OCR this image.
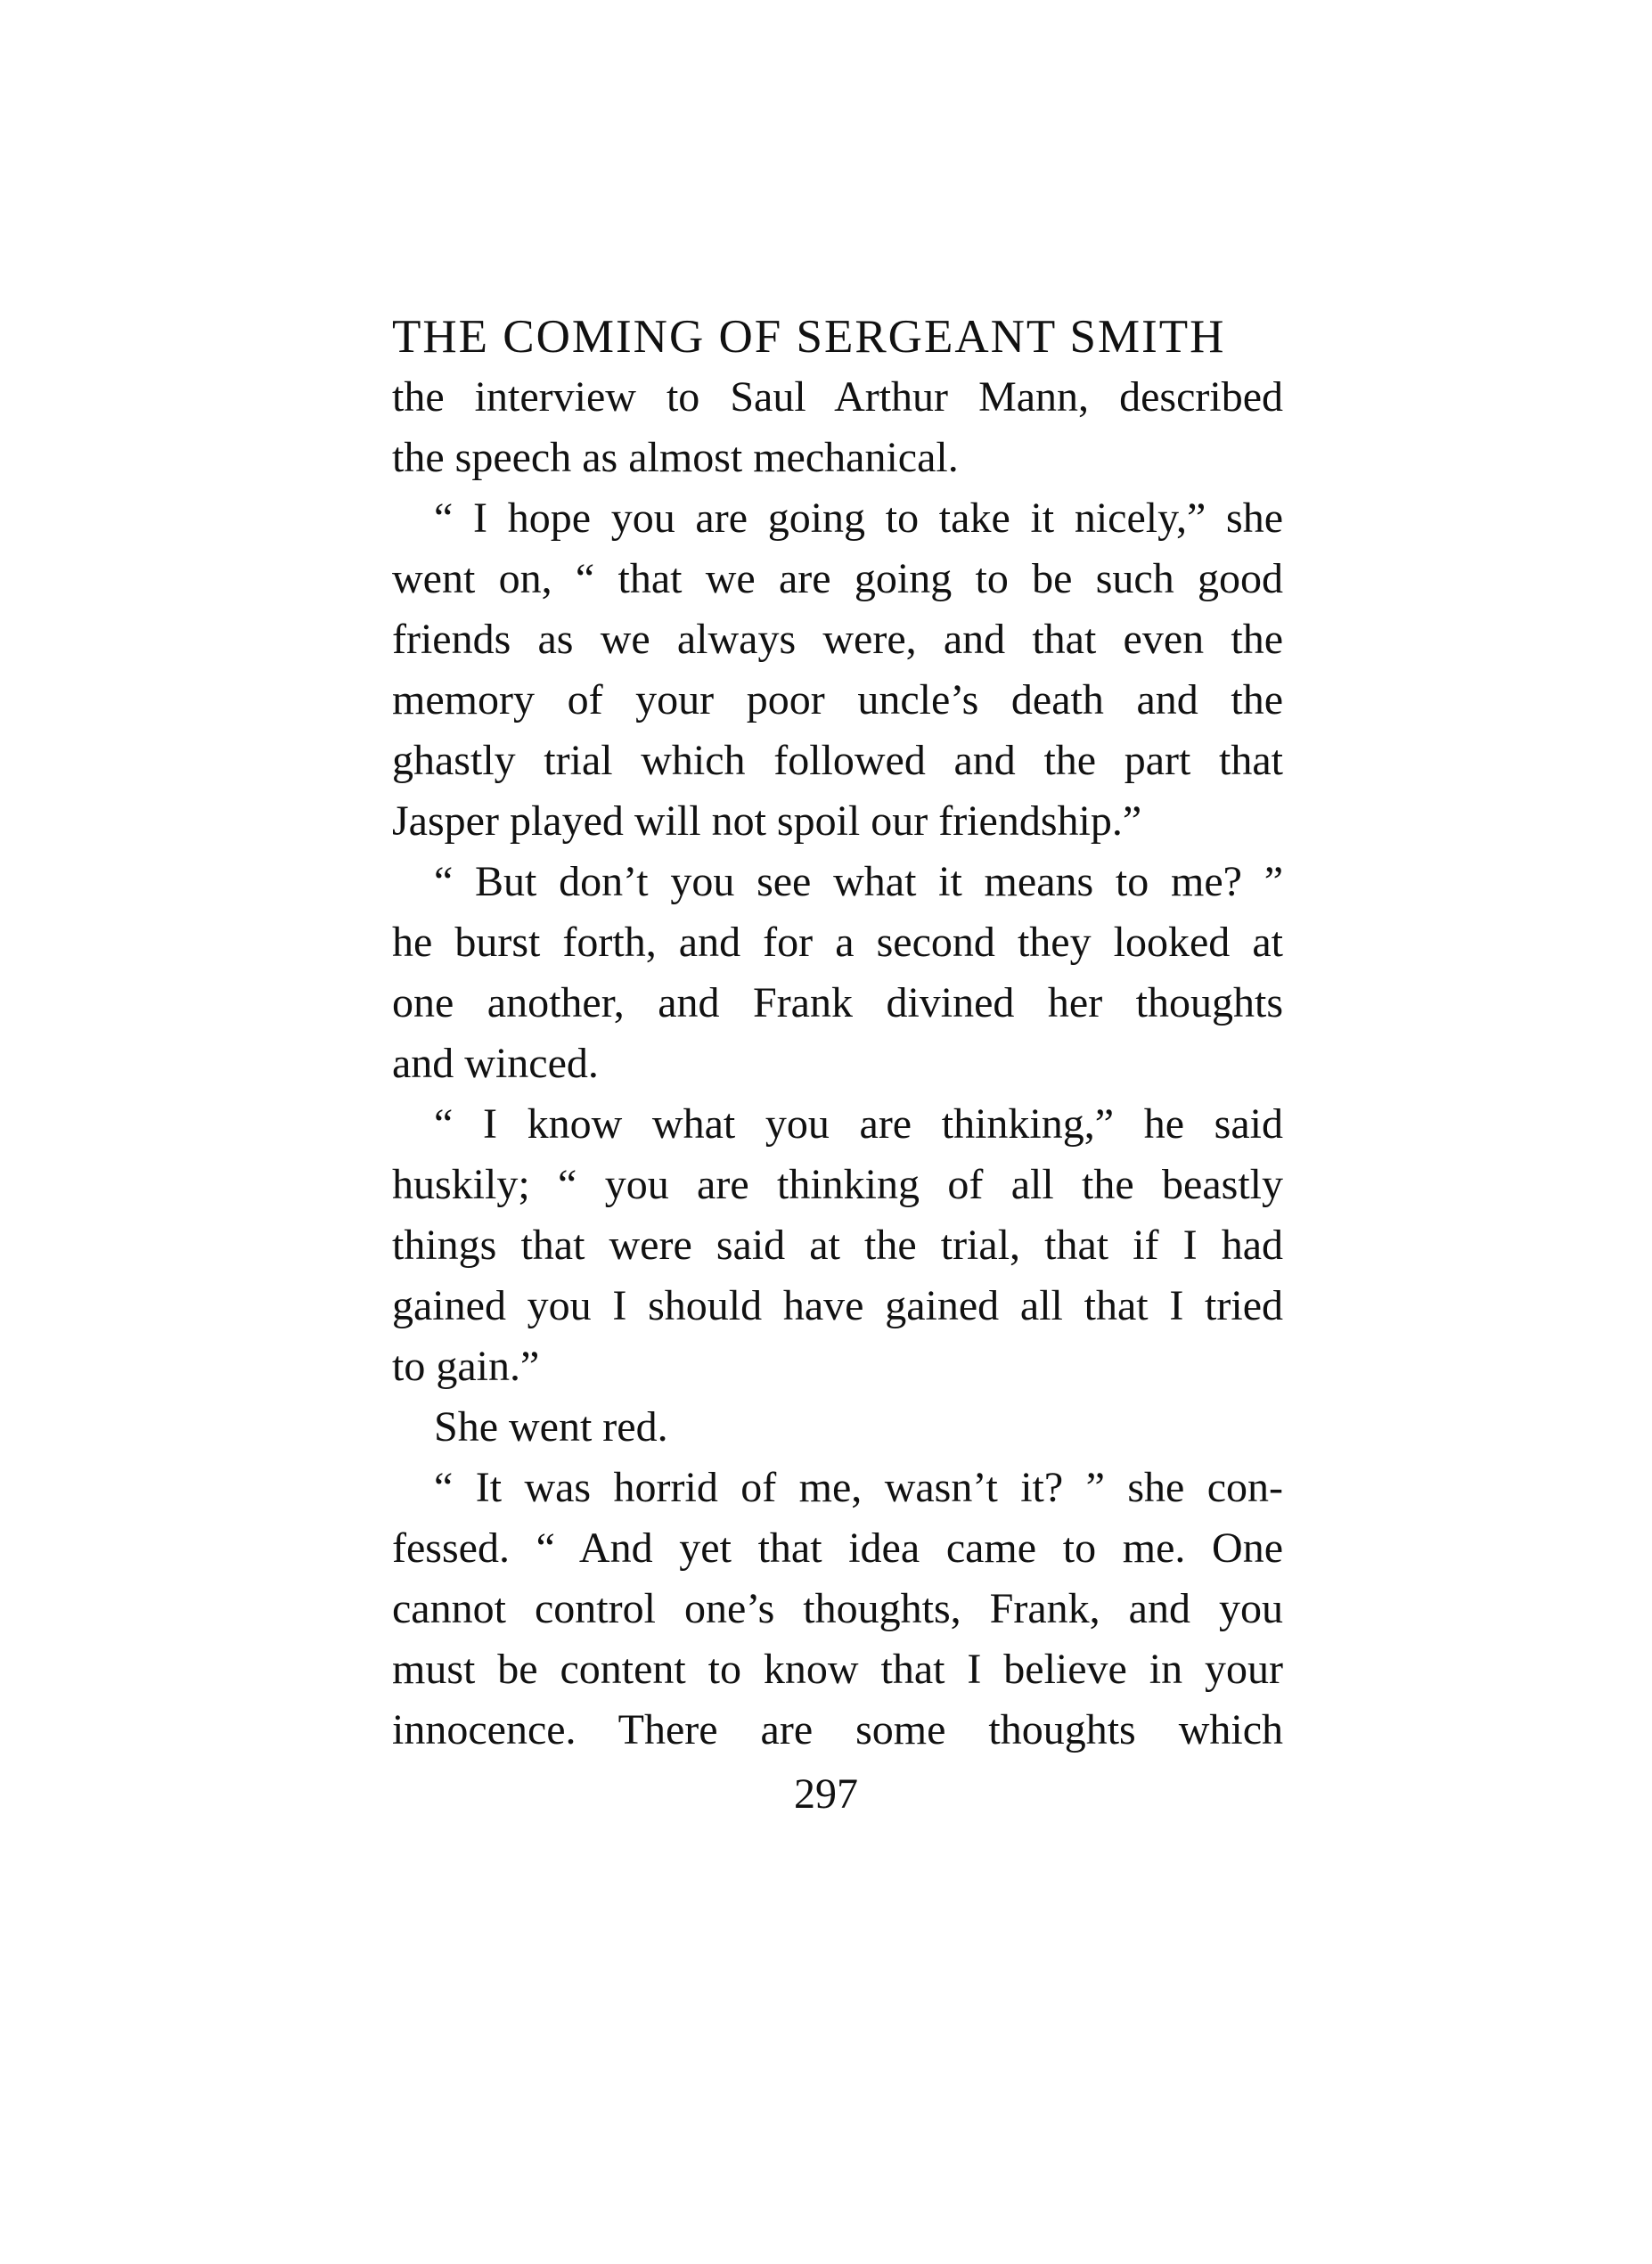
THE COMING OF SERGEANT SMITH
the interview to Saul Arthur Mann, described
the speech as almost mechanical.
“ I hope you are going to take it nicely,” she
went on, “ that we are going to be such good
friends as we always were, and that even the
memory of your poor uncle’s death and the
ghastly trial which followed and the part that
Jasper played will not spoil our friendship.”
“ But don’t you see what it means to me? ”
he burst forth, and for a second they looked at
one another, and Frank divined her thoughts
and winced.
“ I know what you are thinking,” he said
huskily; “ you are thinking of all the beastly
things that were said at the trial, that if I had
gained you I should have gained all that I tried
to gain.”
She went red.
“ It was horrid of me, wasn’t it? ” she con-
fessed. “ And yet that idea came to me. One
cannot control one’s thoughts, Frank, and you
must be content to know that I believe in your
innocence. There are some thoughts which
297
